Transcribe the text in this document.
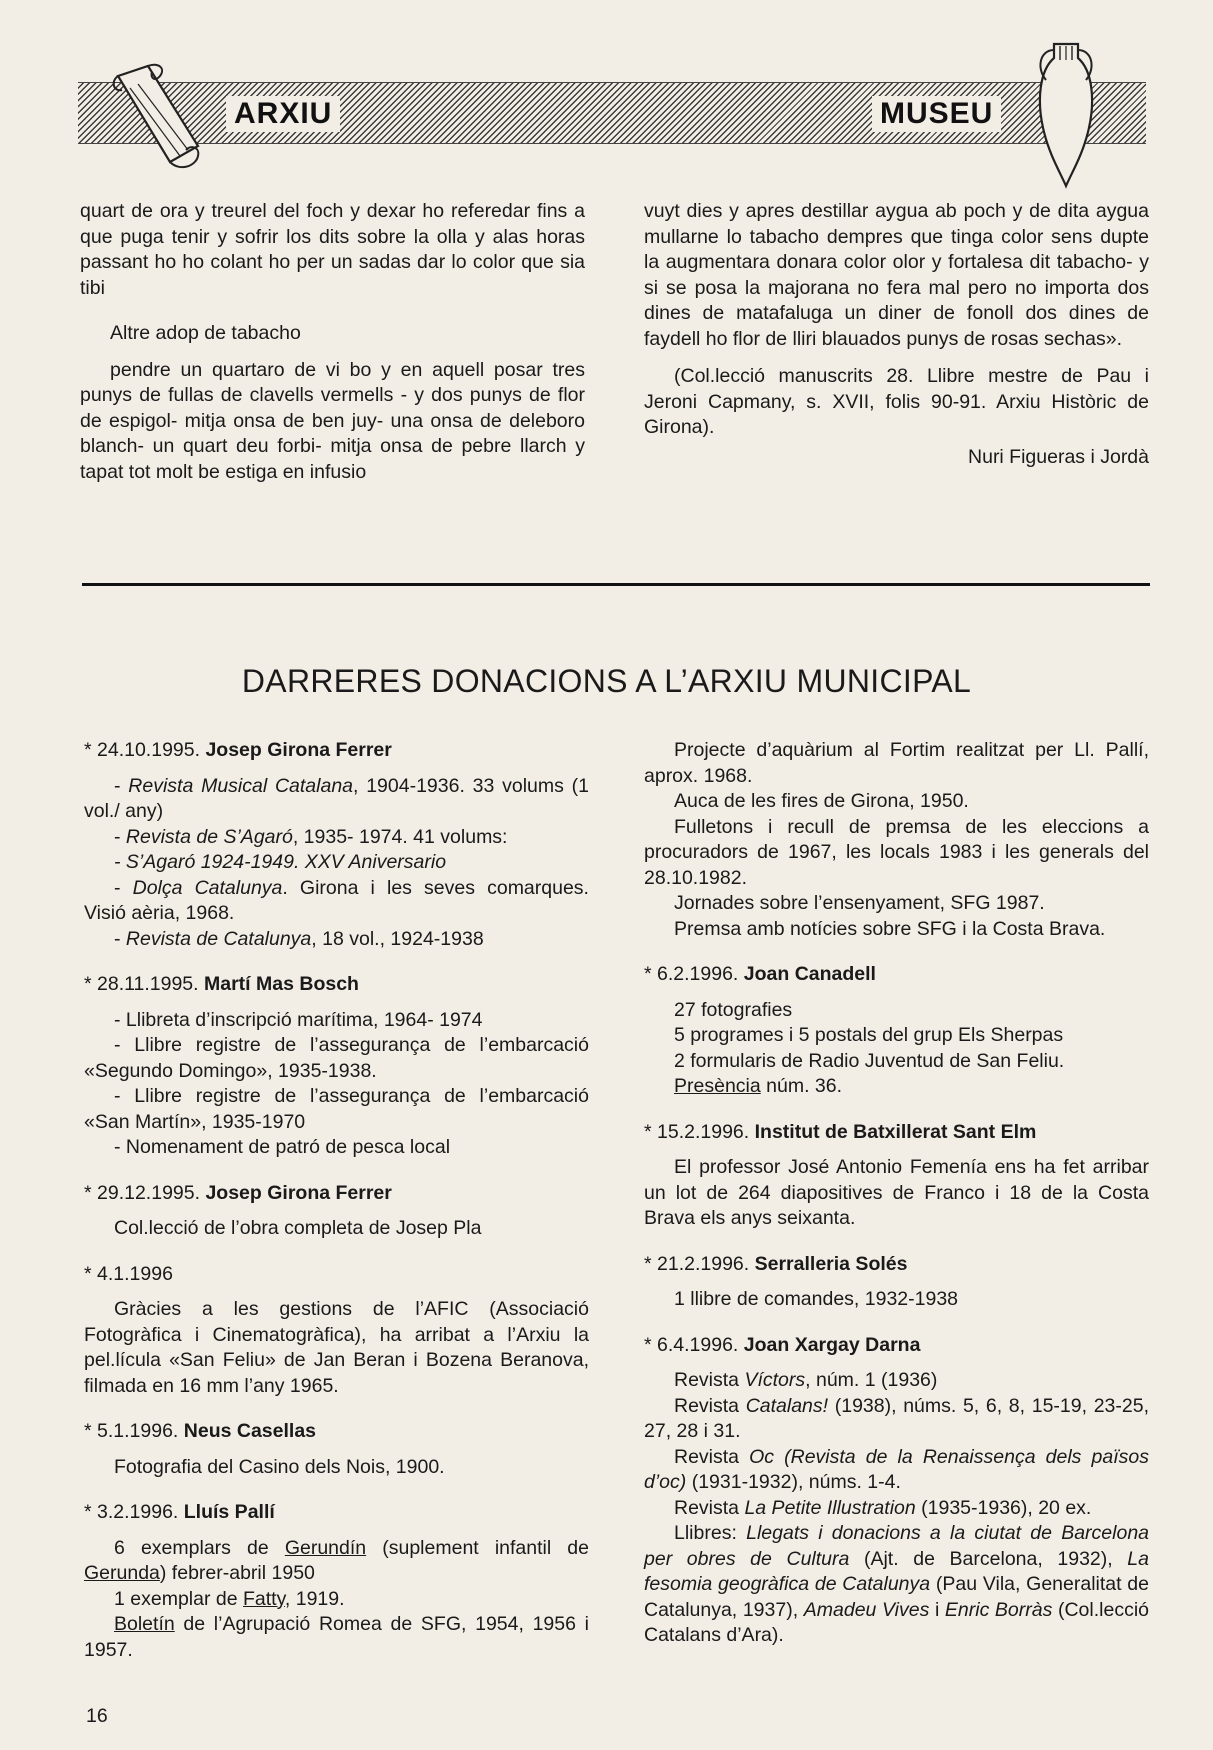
ARXIU	MUSEU

quart de ora y treurel del foch y dexar ho referedar fins a que puga tenir y sofrir los dits sobre la olla y alas horas passant ho ho colant ho per un sadas dar lo color que sia tibi

Altre adop de tabacho

pendre un quartaro de vi bo y en aquell posar tres punys de fullas de clavells vermells - y dos punys de flor de espigol- mitja onsa de ben juy- una onsa de deleboro blanch- un quart deu forbi- mitja onsa de pebre llarch y tapat tot molt be estiga en infusio

vuyt dies y apres destillar aygua ab poch y de dita aygua mullarne lo tabacho dempres que tinga color sens dupte la augmentara donara color olor y fortalesa dit tabacho- y si se posa la majorana no fera mal pero no importa dos dines de matafaluga un diner de fonoll dos dines de faydell ho flor de lliri blauados punys de rosas sechas».

(Col.lecció manuscrits 28. Llibre mestre de Pau i Jeroni Capmany, s. XVII, folis 90-91. Arxiu Històric de Girona).

Nuri Figueras i Jordà

DARRERES DONACIONS A L’ARXIU MUNICIPAL

* 24.10.1995. Josep Girona Ferrer

- Revista Musical Catalana, 1904-1936. 33 volums (1 vol./ any)

- Revista de S’Agaró, 1935- 1974. 41 volums:

- S’Agaró 1924-1949. XXV Aniversario

- Dolça Catalunya. Girona i les seves comarques. Visió aèria, 1968.

- Revista de Catalunya, 18 vol., 1924-1938

* 28.11.1995. Martí Mas Bosch

- Llibreta d’inscripció marítima, 1964- 1974

- Llibre registre de l’assegurança de l’embarcació «Segundo Domingo», 1935-1938.

- Llibre registre de l’assegurança de l’embarcació «San Martín», 1935-1970

- Nomenament de patró de pesca local

* 29.12.1995. Josep Girona Ferrer

Col.lecció de l’obra completa de Josep Pla

* 4.1.1996

Gràcies a les gestions de l’AFIC (Associació Fotogràfica i Cinematogràfica), ha arribat a l’Arxiu la pel.lícula «San Feliu» de Jan Beran i Bozena Beranova, filmada en 16 mm l’any 1965.

* 5.1.1996. Neus Casellas

Fotografia del Casino dels Nois, 1900.

* 3.2.1996. Lluís Pallí

6 exemplars de Gerundín (suplement infantil de Gerunda) febrer-abril 1950

1 exemplar de Fatty, 1919.

Boletín de l’Agrupació Romea de SFG, 1954, 1956 i 1957.

Projecte d’aquàrium al Fortim realitzat per Ll. Pallí, aprox. 1968.

Auca de les fires de Girona, 1950.

Fulletons i recull de premsa de les eleccions a procuradors de 1967, les locals 1983 i les generals del 28.10.1982.

Jornades sobre l’ensenyament, SFG 1987.

Premsa amb notícies sobre SFG i la Costa Brava.

* 6.2.1996. Joan Canadell

27 fotografies

5 programes i 5 postals del grup Els Sherpas

2 formularis de Radio Juventud de San Feliu.

Presència núm. 36.

* 15.2.1996. Institut de Batxillerat Sant Elm

El professor José Antonio Femenía ens ha fet arribar un lot de 264 diapositives de Franco i 18 de la Costa Brava els anys seixanta.

* 21.2.1996. Serralleria Solés

1 llibre de comandes, 1932-1938

* 6.4.1996. Joan Xargay Darna

Revista Víctors, núm. 1 (1936)

Revista Catalans! (1938), núms. 5, 6, 8, 15-19, 23-25, 27, 28 i 31.

Revista Oc (Revista de la Renaissença dels països d’oc) (1931-1932), núms. 1-4.

Revista La Petite Illustration (1935-1936), 20 ex.

Llibres: Llegats i donacions a la ciutat de Barcelona per obres de Cultura (Ajt. de Barcelona, 1932), La fesomia geogràfica de Catalunya (Pau Vila, Generalitat de Catalunya, 1937), Amadeu Vives i Enric Borràs (Col.lecció Catalans d’Ara).

16
